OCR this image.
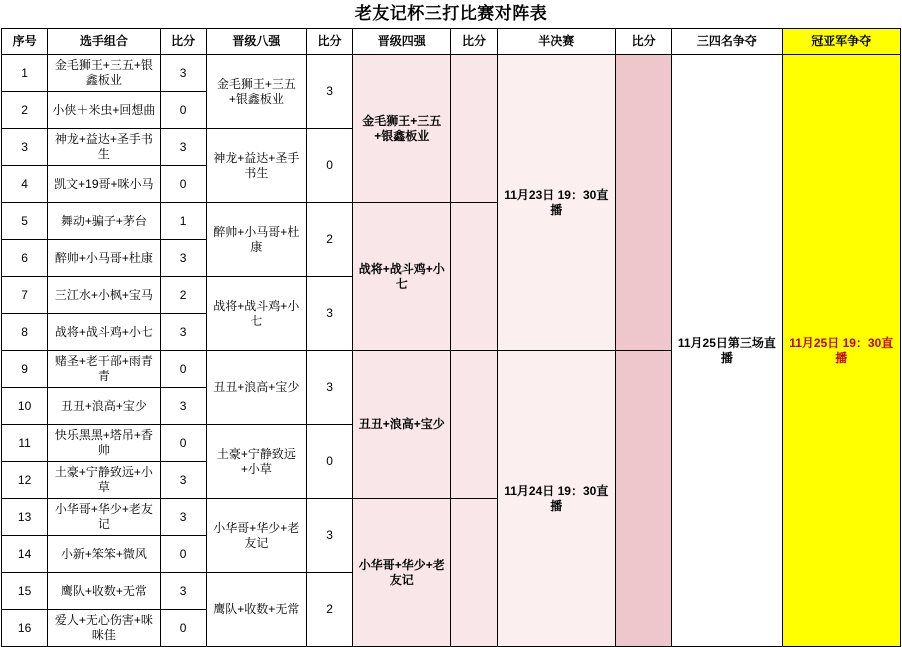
老友记杯三打比赛对阵表
序号	选手组合	比分	晋级八强	比分	晋级四强	比分	半决赛	比分	三四名争夺	冠亚军争夺
1	金毛狮王+三五+银鑫板业	3	金毛狮王+三五+银鑫板业	3	金毛狮王+三五+银鑫板业		11月23日 19：30直播		11月25日第三场直播	11月25日 19：30直播
2	小侠＋米虫+回想曲	0								
3	神龙+益达+圣手书生	3	神龙+益达+圣手书生	0						
4	凯文+19哥+咪小马	0								
5	舞动+骗子+茅台	1	醉帅+小马哥+杜康	2	战将+战斗鸡+小七					
6	醉帅+小马哥+杜康	3								
7	三江水+小枫+宝马	2	战将+战斗鸡+小七	3						
8	战将+战斗鸡+小七	3								
9	赌圣+老干部+雨青青	0	丑丑+浪高+宝少	3	丑丑+浪高+宝少		11月24日 19：30直播			
10	丑丑+浪高+宝少	3								
11	快乐黑黑+塔吊+香帅	0	土豪+宁静致远+小草	0						
12	土豪+宁静致远+小草	3								
13	小华哥+华少+老友记	3	小华哥+华少+老友记	3	小华哥+华少+老友记					
14	小新+笨笨+微风	0								
15	鹰队+收数+无常	3	鹰队+收数+无常	2						
16	爱人+无心伤害+咪咪佳	0								
